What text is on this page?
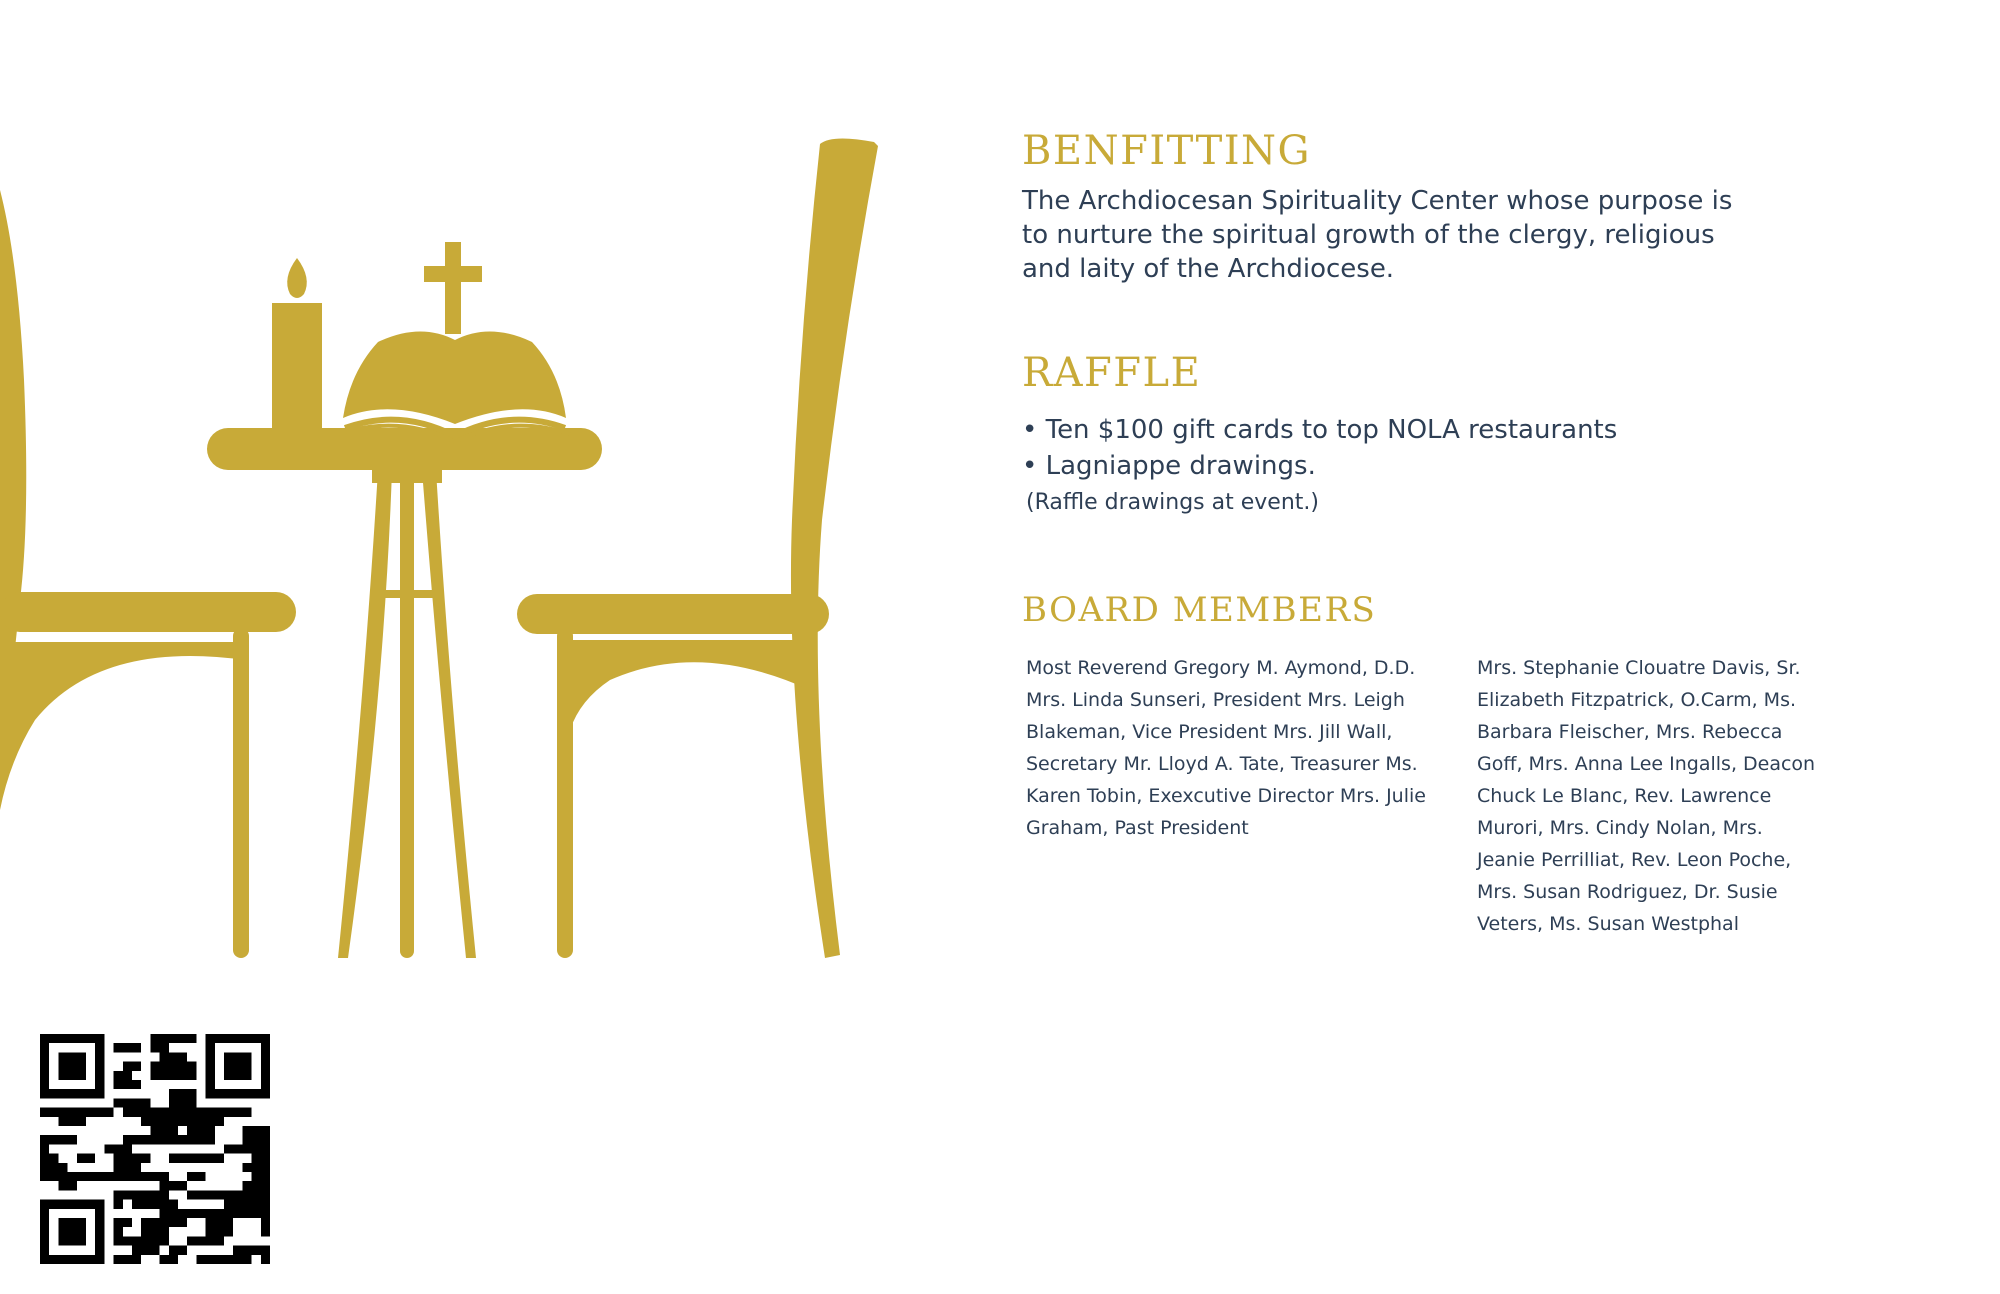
BENFITTING

The Archdiocesan Spirituality Center whose purpose is to nurture the spiritual growth of the clergy, religious and laity of the Archdiocese.

RAFFLE
• Ten $100 gift cards to top NOLA restaurants
• Lagniappe drawings.

(Raffle drawings at event.)

BOARD MEMBERS

Most Reverend Gregory M. Aymond, D.D. Mrs. Linda Sunseri, President Mrs. Leigh Blakeman, Vice President Mrs. Jill Wall, Secretary Mr. Lloyd A. Tate, Treasurer Ms. Karen Tobin, Exexcutive Director Mrs. Julie Graham, Past President

Mrs. Stephanie Clouatre Davis, Sr. Elizabeth Fitzpatrick, O.Carm, Ms. Barbara Fleischer, Mrs. Rebecca Goff, Mrs. Anna Lee Ingalls, Deacon Chuck Le Blanc, Rev. Lawrence Murori, Mrs. Cindy Nolan, Mrs. Jeanie Perrilliat, Rev. Leon Poche, Mrs. Susan Rodriguez, Dr. Susie Veters, Ms. Susan Westphal
